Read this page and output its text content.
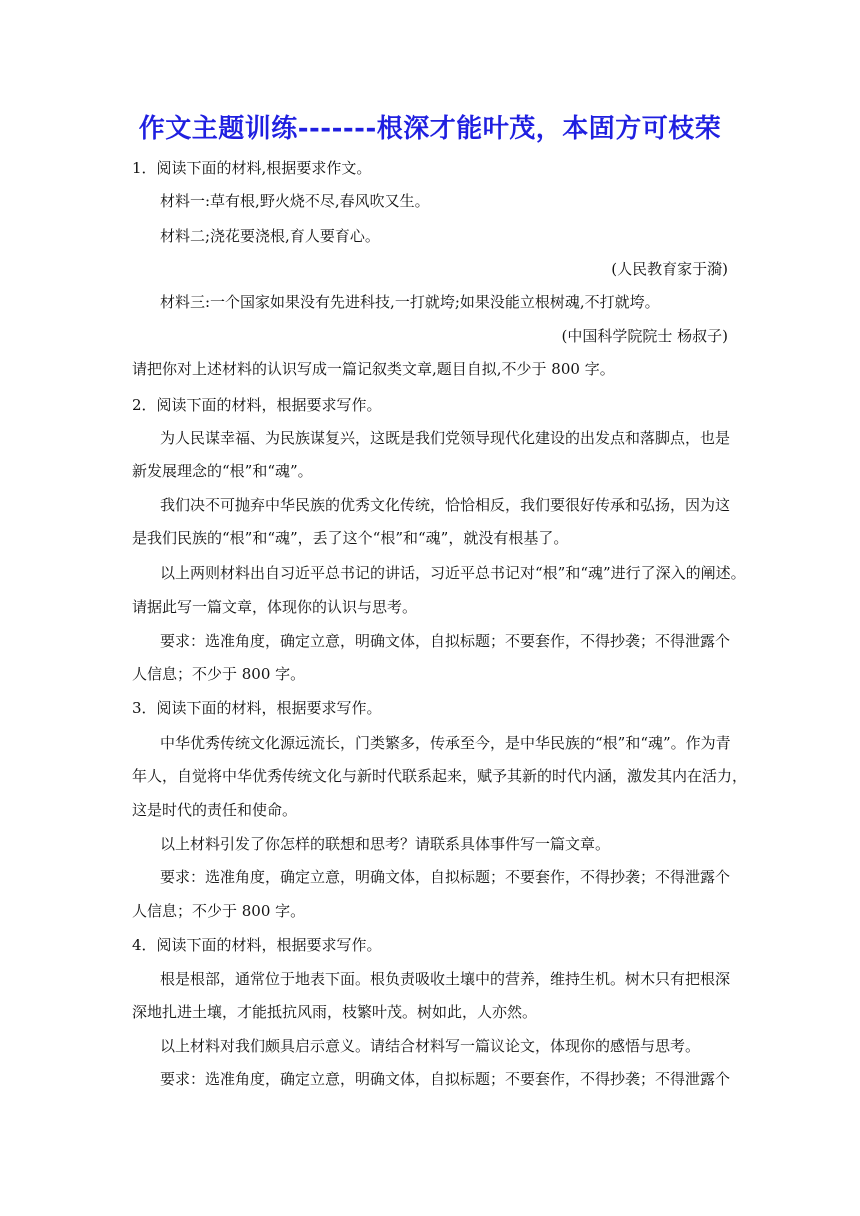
作文主题训练-------根深才能叶茂，本固方可枝荣
1．阅读下面的材料,根据要求作文。
材料一:草有根,野火烧不尽,春风吹又生。
材料二;浇花要浇根,育人要育心。
(人民教育家于漪)
材料三:一个国家如果没有先进科技,一打就垮;如果没能立根树魂,不打就垮。
(中国科学院院士 杨叔子)
请把你对上述材料的认识写成一篇记叙类文章,题目自拟,不少于 800 字。
2．阅读下面的材料，根据要求写作。
为人民谋幸福、为民族谋复兴，这既是我们党领导现代化建设的出发点和落脚点，也是
新发展理念的“根”和“魂”。
我们决不可抛弃中华民族的优秀文化传统，恰恰相反，我们要很好传承和弘扬，因为这
是我们民族的“根”和“魂”，丢了这个“根”和“魂”，就没有根基了。
以上两则材料出自习近平总书记的讲话，习近平总书记对“根”和“魂”进行了深入的阐述。
请据此写一篇文章，体现你的认识与思考。
要求：选准角度，确定立意，明确文体，自拟标题；不要套作，不得抄袭；不得泄露个
人信息；不少于 800 字。
3．阅读下面的材料，根据要求写作。
中华优秀传统文化源远流长，门类繁多，传承至今，是中华民族的“根”和“魂”。作为青
年人，自觉将中华优秀传统文化与新时代联系起来，赋予其新的时代内涵，激发其内在活力，
这是时代的责任和使命。
以上材料引发了你怎样的联想和思考？请联系具体事件写一篇文章。
要求：选准角度，确定立意，明确文体，自拟标题；不要套作，不得抄袭；不得泄露个
人信息；不少于 800 字。
4．阅读下面的材料，根据要求写作。
根是根部，通常位于地表下面。根负责吸收土壤中的营养，维持生机。树木只有把根深
深地扎进土壤，才能抵抗风雨，枝繁叶茂。树如此，人亦然。
以上材料对我们颇具启示意义。请结合材料写一篇议论文，体现你的感悟与思考。
要求：选准角度，确定立意，明确文体，自拟标题；不要套作，不得抄袭；不得泄露个
